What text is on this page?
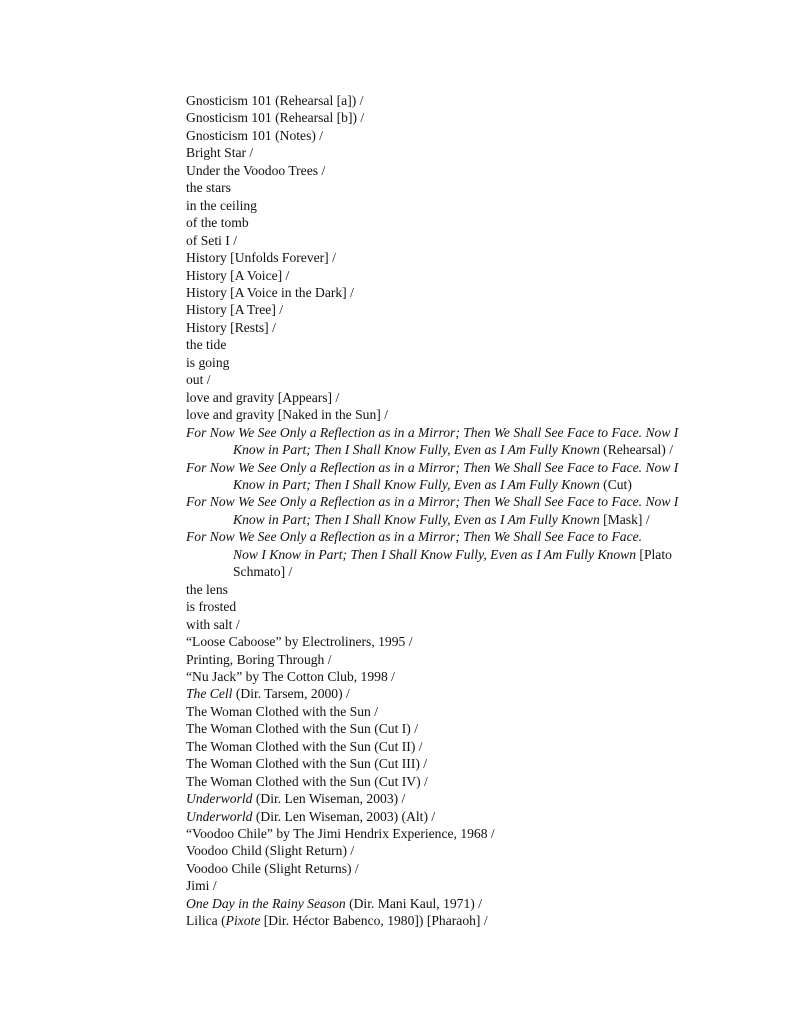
Gnosticism 101 (Rehearsal [a]) /
Gnosticism 101 (Rehearsal [b]) /
Gnosticism 101 (Notes) /
Bright Star /
Under the Voodoo Trees /
the stars
in the ceiling
of the tomb
of Seti I /
History [Unfolds Forever] /
History [A Voice] /
History [A Voice in the Dark] /
History [A Tree] /
History [Rests] /
the tide
is going
out /
love and gravity [Appears] /
love and gravity [Naked in the Sun] /
For Now We See Only a Reflection as in a Mirror; Then We Shall See Face to Face. Now I
Know in Part; Then I Shall Know Fully, Even as I Am Fully Known (Rehearsal) /
For Now We See Only a Reflection as in a Mirror; Then We Shall See Face to Face. Now I
Know in Part; Then I Shall Know Fully, Even as I Am Fully Known (Cut)
For Now We See Only a Reflection as in a Mirror; Then We Shall See Face to Face. Now I
Know in Part; Then I Shall Know Fully, Even as I Am Fully Known [Mask] /
For Now We See Only a Reflection as in a Mirror; Then We Shall See Face to Face.
Now I Know in Part; Then I Shall Know Fully, Even as I Am Fully Known [Plato
Schmato] /
the lens
is frosted
with salt /
“Loose Caboose” by Electroliners, 1995 /
Printing, Boring Through /
“Nu Jack” by The Cotton Club, 1998 /
The Cell (Dir. Tarsem, 2000) /
The Woman Clothed with the Sun /
The Woman Clothed with the Sun (Cut I) /
The Woman Clothed with the Sun (Cut II) /
The Woman Clothed with the Sun (Cut III) /
The Woman Clothed with the Sun (Cut IV) /
Underworld (Dir. Len Wiseman, 2003) /
Underworld (Dir. Len Wiseman, 2003) (Alt) /
“Voodoo Chile” by The Jimi Hendrix Experience, 1968 /
Voodoo Child (Slight Return) /
Voodoo Chile (Slight Returns) /
Jimi /
One Day in the Rainy Season (Dir. Mani Kaul, 1971) /
Lilica (Pixote [Dir. Héctor Babenco, 1980]) [Pharaoh] /
